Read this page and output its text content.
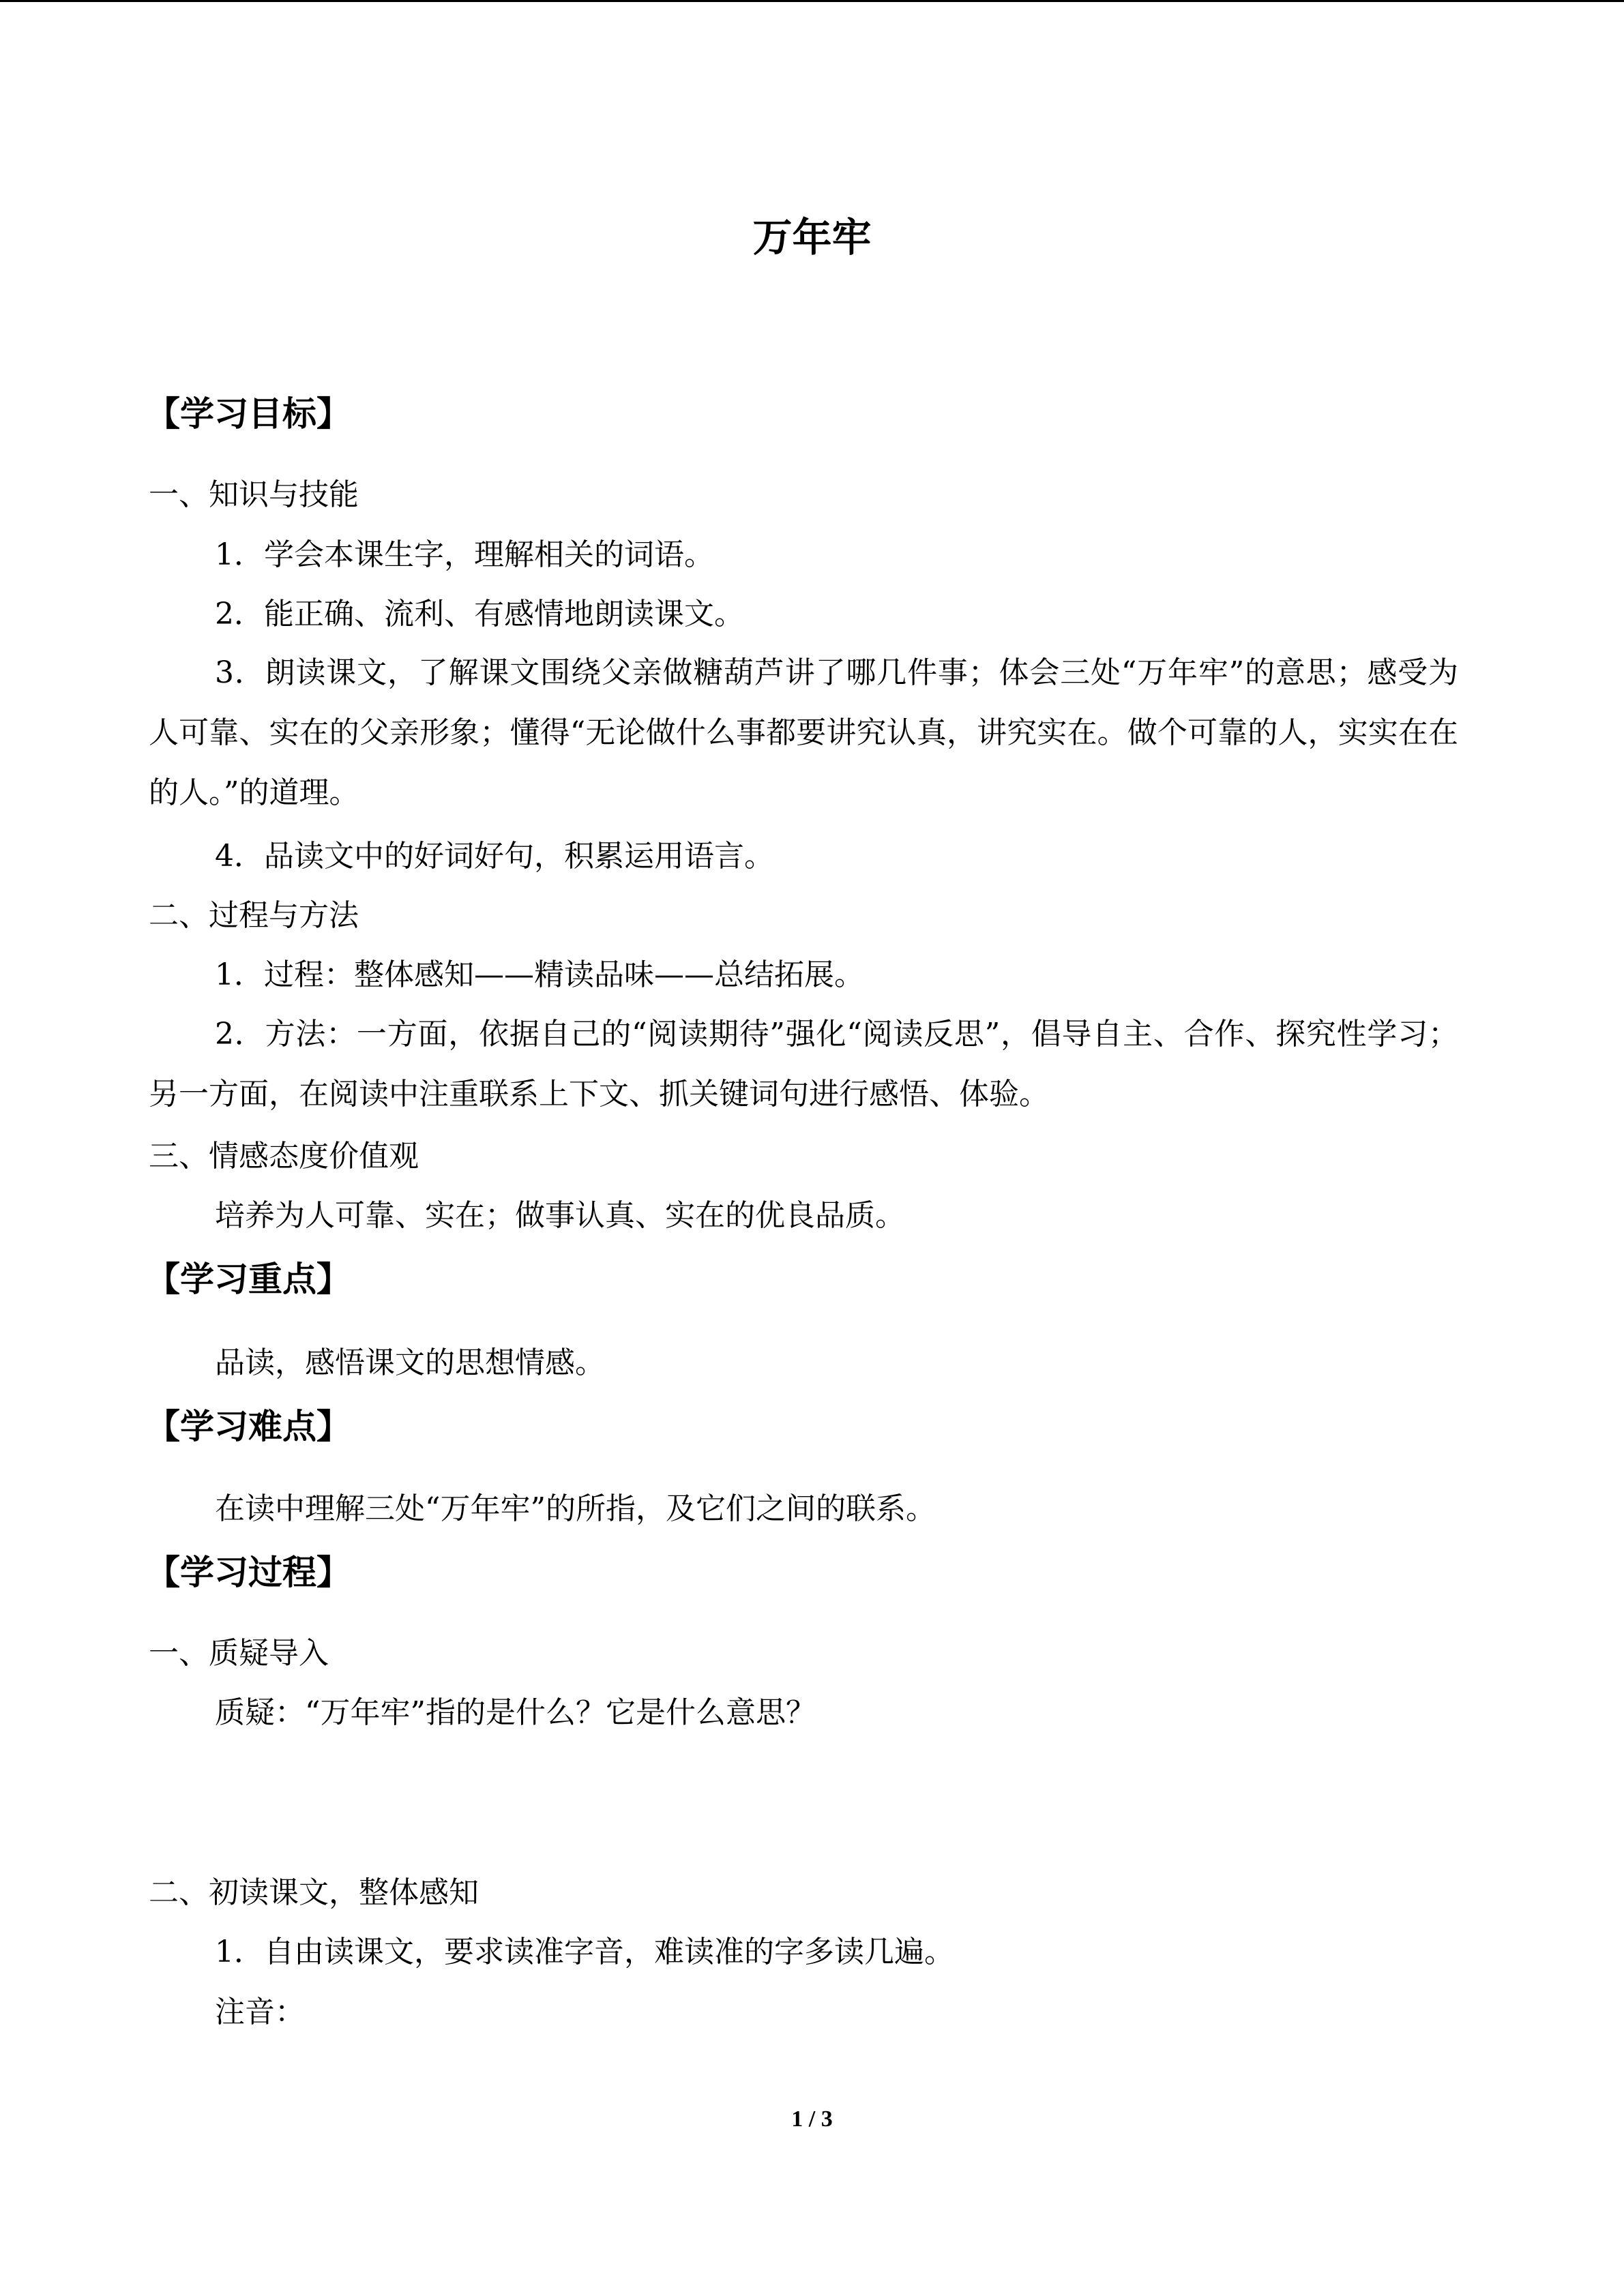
万年牢
【学习目标】

一、知识与技能

1．学会本课生字，理解相关的词语。

2．能正确、流利、有感情地朗读课文。

3．朗读课文，了解课文围绕父亲做糖葫芦讲了哪几件事；体会三处“万年牢”的意思；感受为人可靠、实在的父亲形象；懂得“无论做什么事都要讲究认真，讲究实在。做个可靠的人，实实在在的人。”的道理。

4．品读文中的好词好句，积累运用语言。

二、过程与方法

1．过程：整体感知——精读品味——总结拓展。

2．方法：一方面，依据自己的“阅读期待”强化“阅读反思”，倡导自主、合作、探究性学习；另一方面，在阅读中注重联系上下文、抓关键词句进行感悟、体验。

三、情感态度价值观

培养为人可靠、实在；做事认真、实在的优良品质。

【学习重点】

品读，感悟课文的思想情感。

【学习难点】

在读中理解三处“万年牢”的所指，及它们之间的联系。

【学习过程】

一、质疑导入

质疑：“万年牢”指的是什么？它是什么意思？

二、初读课文，整体感知

1．自由读课文，要求读准字音，难读准的字多读几遍。

注音：

1 / 3
